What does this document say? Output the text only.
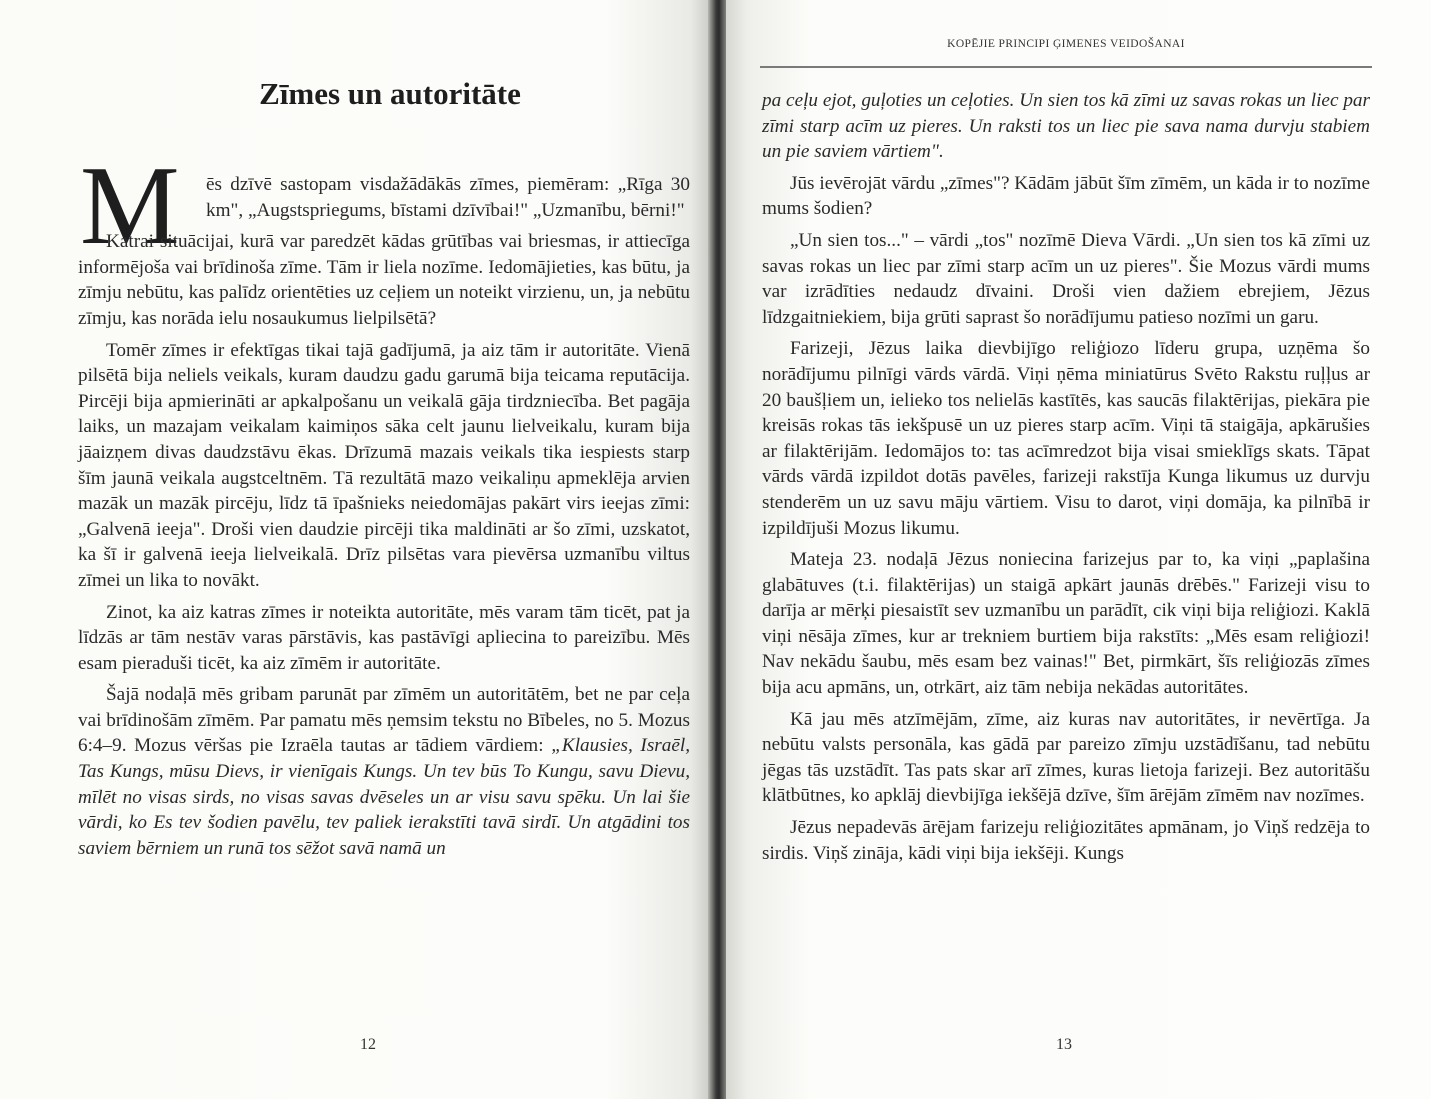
Zīmes un autoritāte
M ēs dzīvē sastopam visdažādākās zīmes, piemēram: „Rīga 30 km", „Augstspriegums, bīstami dzīvībai!" „Uzmanību, bērni!"

Katrai situācijai, kurā var paredzēt kādas grūtības vai briesmas, ir attiecīga informējoša vai brīdinoša zīme. Tām ir liela nozīme. Iedomājieties, kas būtu, ja zīmju nebūtu, kas palīdz orientēties uz ceļiem un noteikt virzienu, un, ja nebūtu zīmju, kas norāda ielu nosaukumus lielpilsētā?

Tomēr zīmes ir efektīgas tikai tajā gadījumā, ja aiz tām ir autoritāte. Vienā pilsētā bija neliels veikals, kuram daudzu gadu garumā bija teicama reputācija. Pircēji bija apmierināti ar apkalpošanu un veikalā gāja tirdzniecība. Bet pagāja laiks, un mazajam veikalam kaimiņos sāka celt jaunu lielveikalu, kuram bija jāaizņem divas daudzstāvu ēkas. Drīzumā mazais veikals tika iespiests starp šīm jaunā veikala augstceltnēm. Tā rezultātā mazo veikaliņu apmeklēja arvien mazāk un mazāk pircēju, līdz tā īpašnieks neiedomājas pakārt virs ieejas zīmi: „Galvenā ieeja". Droši vien daudzie pircēji tika maldināti ar šo zīmi, uzskatot, ka šī ir galvenā ieeja lielveikalā. Drīz pilsētas vara pievērsa uzmanību viltus zīmei un lika to novākt.

Zinot, ka aiz katras zīmes ir noteikta autoritāte, mēs varam tām ticēt, pat ja līdzās ar tām nestāv varas pārstāvis, kas pastāvīgi apliecina to pareizību. Mēs esam pieraduši ticēt, ka aiz zīmēm ir autoritāte.

Šajā nodaļā mēs gribam parunāt par zīmēm un autoritātēm, bet ne par ceļa vai brīdinošām zīmēm. Par pamatu mēs ņemsim tekstu no Bībeles, no 5. Mozus 6:4–9. Mozus vēršas pie Izraēla tautas ar tādiem vārdiem: „Klausies, Israēl, Tas Kungs, mūsu Dievs, ir vienīgais Kungs. Un tev būs To Kungu, savu Dievu, mīlēt no visas sirds, no visas savas dvēseles un ar visu savu spēku. Un lai šie vārdi, ko Es tev šodien pavēlu, tev paliek ierakstīti tavā sirdī. Un atgādini tos saviem bērniem un runā tos sēžot savā namā un

12
KOPĒJIE PRINCIPI ĢIMENES VEIDOŠANAI

pa ceļu ejot, guļoties un ceļoties. Un sien tos kā zīmi uz savas rokas un liec par zīmi starp acīm uz pieres. Un raksti tos un liec pie sava nama durvju stabiem un pie saviem vārtiem".

Jūs ievērojāt vārdu „zīmes"? Kādām jābūt šīm zīmēm, un kāda ir to nozīme mums šodien?

„Un sien tos..." – vārdi „tos" nozīmē Dieva Vārdi. „Un sien tos kā zīmi uz savas rokas un liec par zīmi starp acīm un uz pieres". Šie Mozus vārdi mums var izrādīties nedaudz dīvaini. Droši vien dažiem ebrejiem, Jēzus līdzgaitniekiem, bija grūti saprast šo norādījumu patieso nozīmi un garu.

Farizeji, Jēzus laika dievbijīgo reliģiozo līderu grupa, uzņēma šo norādījumu pilnīgi vārds vārdā. Viņi ņēma miniatūrus Svēto Rakstu ruļļus ar 20 baušļiem un, ielieko tos nelielās kastītēs, kas saucās filaktērijas, piekāra pie kreisās rokas tās iekšpusē un uz pieres starp acīm. Viņi tā staigāja, apkārušies ar filaktērijām. Iedomājos to: tas acīmredzot bija visai smieklīgs skats. Tāpat vārds vārdā izpildot dotās pavēles, farizeji rakstīja Kunga likumus uz durvju stenderēm un uz savu māju vārtiem. Visu to darot, viņi domāja, ka pilnībā ir izpildījuši Mozus likumu.

Mateja 23. nodaļā Jēzus noniecina farizejus par to, ka viņi „paplašina glabātuves (t.i. filaktērijas) un staigā apkārt jaunās drēbēs." Farizeji visu to darīja ar mērķi piesaistīt sev uzmanību un parādīt, cik viņi bija reliģiozi. Kaklā viņi nēsāja zīmes, kur ar trekniem burtiem bija rakstīts: „Mēs esam reliģiozi! Nav nekādu šaubu, mēs esam bez vainas!" Bet, pirmkārt, šīs reliģiozās zīmes bija acu apmāns, un, otrkārt, aiz tām nebija nekādas autoritātes.

Kā jau mēs atzīmējām, zīme, aiz kuras nav autoritātes, ir nevērtīga. Ja nebūtu valsts personāla, kas gādā par pareizo zīmju uzstādīšanu, tad nebūtu jēgas tās uzstādīt. Tas pats skar arī zīmes, kuras lietoja farizeji. Bez autoritāšu klātbūtnes, ko apklāj dievbijīga iekšējā dzīve, šīm ārējām zīmēm nav nozīmes.

Jēzus nepadevās ārējam farizeju reliģiozitātes apmānam, jo Viņš redzēja to sirdis. Viņš zināja, kādi viņi bija iekšēji. Kungs

13
